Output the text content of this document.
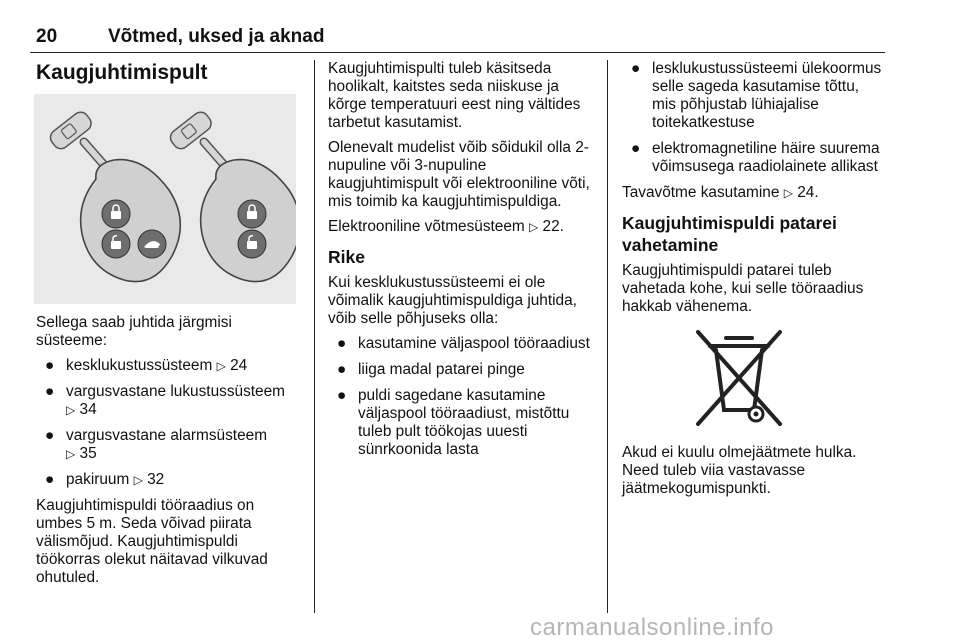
20	Võtmed, uksed ja aknad
Kaugjuhtimispult

Sellega saab juhtida järgmisi süsteeme:

● kesklukustussüsteem ▷ 24
● vargusvastane lukustussüsteem
▷ 34
● vargusvastane alarmsüsteem
▷ 35
● pakiruum ▷ 32

Kaugjuhtimispuldi tööraadius on umbes 5 m. Seda võivad piirata välismõjud. Kaugjuhtimispuldi töökorras olekut näitavad vilkuvad ohutuled.

Kaugjuhtimispulti tuleb käsitseda hoolikalt, kaitstes seda niiskuse ja kõrge temperatuuri eest ning vältides tarbetut kasutamist.

Olenevalt mudelist võib sõidukil olla 2-nupuline või 3-nupuline kaugjuhtimispult või elektrooniline võti, mis toimib ka kaugjuhtimispuldiga.

Elektrooniline võtmesüsteem ▷ 22.

Rike

Kui kesklukustussüsteemi ei ole võimalik kaugjuhtimispuldiga juhtida, võib selle põhjuseks olla:

● kasutamine väljaspool tööraadiust
● liiga madal patarei pinge
● puldi sagedane kasutamine väljaspool tööraadiust, mistõttu tuleb pult töökojas uuesti sünrkoonida lasta
● lesklukustussüsteemi ülekoormus selle sageda kasutamise tõttu, mis põhjustab lühiajalise toitekatkestuse
● elektromagnetiline häire suurema võimsusega raadiolainete allikast

Tavavõtme kasutamine ▷ 24.

Kaugjuhtimispuldi patarei vahetamine

Kaugjuhtimispuldi patarei tuleb vahetada kohe, kui selle tööraadius hakkab vähenema.

Akud ei kuulu olmejäätmete hulka. Need tuleb viia vastavasse jäätmekogumispunkti.

carmanualsonline.info
